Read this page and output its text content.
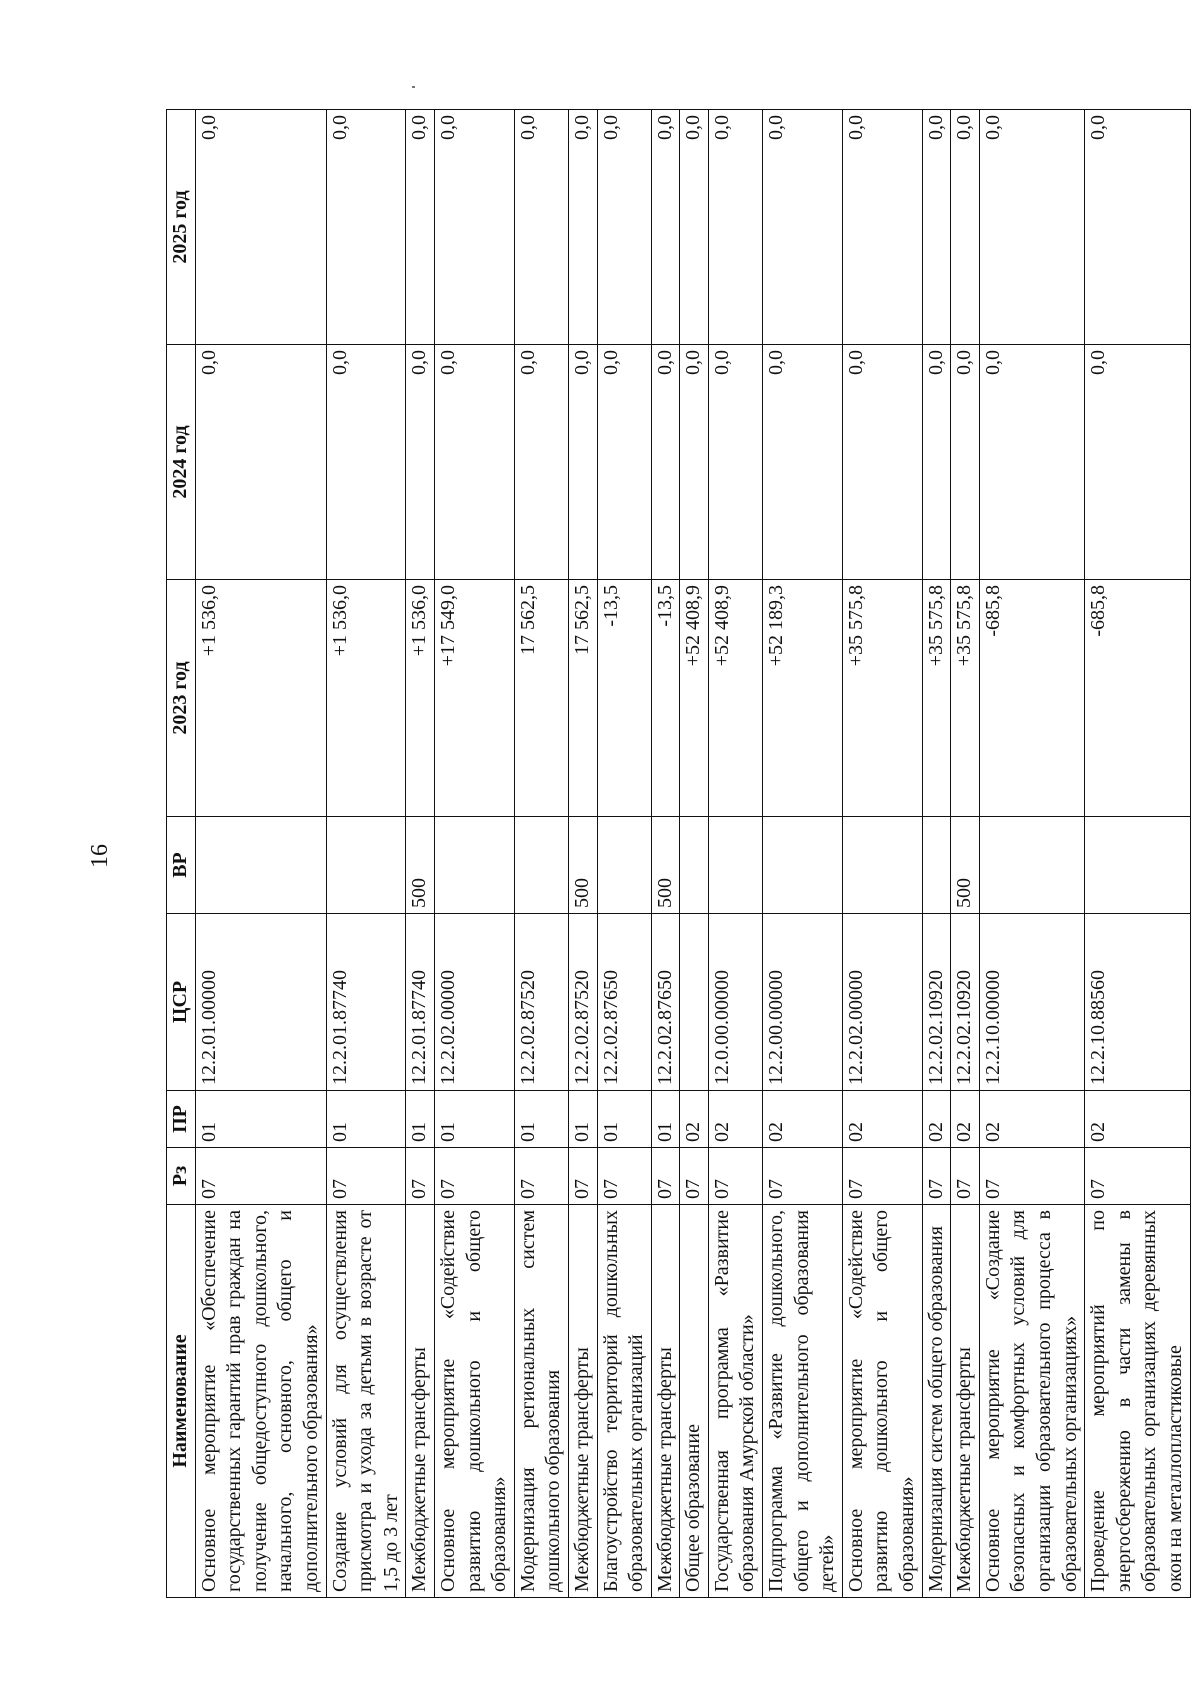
16
Наименование	Рз	ПР	ЦСР	ВР	2023 год	2024 год	2025 год
Основное мероприятие «Обеспечение государственных гарантий прав граждан на получение общедоступного дошкольного, начального, основного, общего и дополнительного образования»	07	01	12.2.01.00000		+1 536,0	0,0	0,0
Создание условий для осуществления присмотра и ухода за детьми в возрасте от 1,5 до 3 лет	07	01	12.2.01.87740		+1 536,0	0,0	0,0
Межбюджетные трансферты	07	01	12.2.01.87740	500	+1 536,0	0,0	0,0
Основное мероприятие «Содействие развитию дошкольного и общего образования»	07	01	12.2.02.00000		+17 549,0	0,0	0,0
Модернизация региональных систем дошкольного образования	07	01	12.2.02.87520		17 562,5	0,0	0,0
Межбюджетные трансферты	07	01	12.2.02.87520	500	17 562,5	0,0	0,0
Благоустройство территорий дошкольных образовательных организаций	07	01	12.2.02.87650		-13,5	0,0	0,0
Межбюджетные трансферты	07	01	12.2.02.87650	500	-13,5	0,0	0,0
Общее образование	07	02			+52 408,9	0,0	0,0
Государственная программа «Развитие образования Амурской области»	07	02	12.0.00.00000		+52 408,9	0,0	0,0
Подпрограмма «Развитие дошкольного, общего и дополнительного образования детей»	07	02	12.2.00.00000		+52 189,3	0,0	0,0
Основное мероприятие «Содействие развитию дошкольного и общего образования»	07	02	12.2.02.00000		+35 575,8	0,0	0,0
Модернизация систем общего образования	07	02	12.2.02.10920		+35 575,8	0,0	0,0
Межбюджетные трансферты	07	02	12.2.02.10920	500	+35 575,8	0,0	0,0
Основное мероприятие «Создание безопасных и комфортных условий для организации образовательного процесса в образовательных организациях»	07	02	12.2.10.00000		-685,8	0,0	0,0
Проведение мероприятий по энергосбережению в части замены в образовательных организациях деревянных окон на металлопластиковые	07	02	12.2.10.88560		-685,8	0,0	0,0
